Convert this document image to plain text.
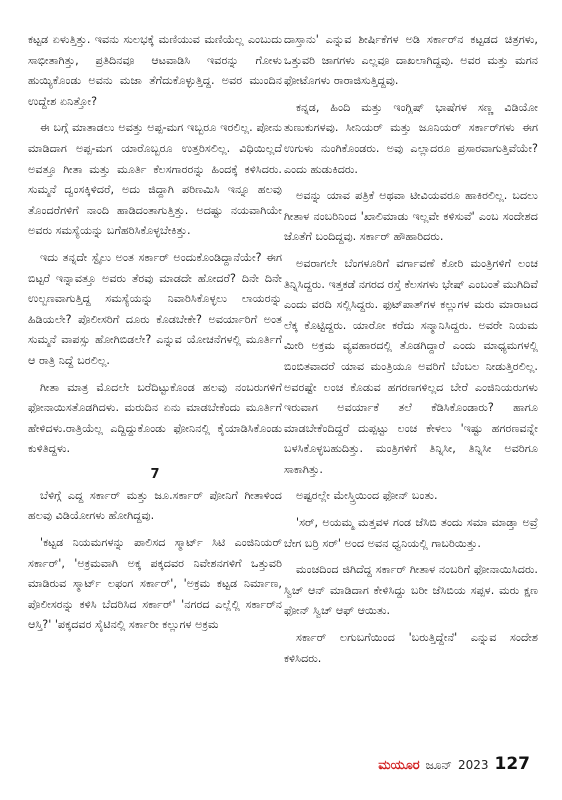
ಕಟ್ಟಡ ಏಳುತ್ತಿತ್ತು. ಇವನು ಸುಲಭಕ್ಕೆ ಮಣಿಯುವ ಮಣಿಯೆಲ್ಲ ಎಂಬುದು ಸಾಭೀತಾಗಿತ್ತು, ಪ್ರತಿದಿನವೂ ಆಟವಾಡಿಸಿ ಇವರನ್ನು ಗೋಳು ಹುಯ್ಯಿಕೊಂಡು ಅವನು ಮಜಾ ತೆಗೆದುಕೊಳ್ಳುತ್ತಿದ್ದ. ಅವರ ಮುಂದಿನ ಉದ್ದೇಶ ಏನಿತ್ತೋ?

ಈ ಬಗ್ಗೆ ಮಾತಾಡಲು ಅವತ್ತು ಅಪ್ಪ-ಮಗ ಇಬ್ಬರೂ ಇರಲಿಲ್ಲ. ಪೋನು ಮಾಡಿದಾಗ ಅಪ್ಪ-ಮಗ ಯಾರೊಬ್ಬರೂ ಉತ್ತರಿಸಲಿಲ್ಲ. ವಿಧಿಯಿಲ್ಲದೆ ಅವತ್ತೂ ಗೀತಾ ಮತ್ತು ಮೂರ್ತಿ ಕೆಲಸಗಾರರನ್ನು ಹಿಂದಕ್ಕೆ ಕಳಿಸಿದರು. ಸುಮ್ಮನೆ ದ್ವಂಸಕ್ಕಿಳಿದರೆ, ಅದು ಜಿದ್ದಾಗಿ ಪರಿಣಮಿಸಿ ಇನ್ನೂ ಹಲವು ತೊಂದರೆಗಳಿಗೆ ನಾಂದಿ ಹಾಡಿದಂತಾಗುತ್ತಿತ್ತು. ಅದಷ್ಟು ನಯವಾಗಿಯೇ ಅವರು ಸಮಸ್ಯೆಯನ್ನು ಬಗೆಹರಿಸಿಕೊಳ್ಳಬೇಕಿತ್ತು.

ಇದು ತನ್ನದೇ ಸ್ಟೈಲು ಅಂತ ಸರ್ಕಾರ್ ಅಂದುಕೊಂಡಿದ್ದಾನೆಯೇ? ಈಗ ಬಿಟ್ಟರೆ ಇನ್ನಾವತ್ತೂ ಅವರು ತೆರವು ಮಾಡದೇ ಹೋದರೆ? ದಿನೇ ದಿನೇ ಉಲ್ಬಣವಾಗುತ್ತಿದ್ದ ಸಮಸ್ಯೆಯನ್ನು ನಿವಾರಿಸಿಕೊಳ್ಳಲು ಲಾಯರನ್ನು ಹಿಡಿಯಲೇ? ಪೊಲೀಸರಿಗೆ ದೂರು ಕೊಡಬೇಕೇ? ಅವರ್ಯಾರಿಗೆ ಅಂತ ಸುಮ್ಮನೆ ವಾಪಸ್ಸು ಹೋಗಿಬಿಡಲೇ? ಎನ್ನುವ ಯೋಚನೆಗಳಲ್ಲಿ ಮೂರ್ತಿಗೆ ಆ ರಾತ್ರಿ ನಿದ್ದೆ ಬರಲಿಲ್ಲ.

ಗೀತಾ ಮಾತ್ರ ಮೊದಲೇ ಬರೆದಿಟ್ಟುಕೊಂಡ ಹಲವು ನಂಬರುಗಳಿಗೆ ಫೋನಾಯಿಸತೊಡಗಿದಳು. ಮರುದಿನ ಏನು ಮಾಡಬೇಕೆಂದು ಮೂರ್ತಿಗೆ ಹೇಳಿದಳು.ರಾತ್ರಿಯೆಲ್ಲ ಎದ್ದಿದ್ದುಕೊಂಡು ಫೋನಿನಲ್ಲಿ ಕೈಯಾಡಿಸಿಕೊಂಡು ಕುಳಿತಿದ್ದಳು.

7

ಬೆಳಿಗ್ಗೆ ಎದ್ದ ಸರ್ಕಾರ್ ಮತ್ತು ಜೂ.ಸರ್ಕಾರ್ ಪೋನಿಗೆ ಗೀತಾಳಿಂದ ಹಲವು ವಿಡಿಯೋಗಳು ಹೋಗಿದ್ದವು.

'ಕಟ್ಟಡ ನಿಯಮಗಳನ್ನು ಪಾಲಿಸದ ಸ್ಮಾರ್ಟ್ ಸಿಟಿ ಎಂಜಿನಿಯರ್ ಸರ್ಕಾರ್', 'ಅಕ್ರಮವಾಗಿ ಅಕ್ಕ ಪಕ್ಕದವರ ನಿವೇಶನಗಳಿಗೆ ಒತ್ತುವರಿ ಮಾಡಿರುವ ಸ್ಮಾರ್ಟ್ ಲಫಂಗ ಸರ್ಕಾರ್', 'ಅಕ್ರಮ ಕಟ್ಟಡ ನಿರ್ಮಾಣ, ಪೊಲೀಸರನ್ನು ಕಳಿಸಿ ಬೆದರಿಸಿದ ಸರ್ಕಾರ್' 'ನಗರದ ಎಲ್ಲೆಲ್ಲಿ ಸರ್ಕಾರ್‌ನ ಆಸ್ತಿ?' 'ಪಕ್ಕದವರ ಸೈಟಿನಲ್ಲಿ ಸರ್ಕಾರೀ ಕಲ್ಲುಗಳ ಅಕ್ರಮ

ದಾಸ್ತಾನು' ಎನ್ನುವ ಶೀರ್ಷಿಕೆಗಳ ಅಡಿ ಸರ್ಕಾರ್‌ನ ಕಟ್ಟಡದ ಚಿತ್ರಗಳು, ಒತ್ತುವರಿ ಜಾಗಗಳು ಎಲ್ಲವೂ ದಾಖಲಾಗಿದ್ದವು. ಅವರ ಮತ್ತು ಮಗನ ಫೋಟೊಗಳು ರಾರಾಜಿಸುತ್ತಿದ್ದವು.

ಕನ್ನಡ, ಹಿಂದಿ ಮತ್ತು ಇಂಗ್ಲಿಷ್ ಭಾಷೆಗಳ ಸಣ್ಣ ವಿಡಿಯೋ ತುಣುಕುಗಳವು. ಸೀನಿಯರ್ ಮತ್ತು ಜೂನಿಯರ್ ಸರ್ಕಾರ್‌ಗಳು ಈಗ ಉಗುಳು ನುಂಗಿಕೊಂಡರು. ಅವು ಎಲ್ಲಾದರೂ ಪ್ರಸಾರವಾಗುತ್ತಿವೆಯೇ? ಎಂದು ಹುಡುಕಿದರು.

ಅವನ್ನು ಯಾವ ಪತ್ರಿಕೆ ಅಥವಾ ಟೀವಿಯವರೂ ಹಾಕಿರಲಿಲ್ಲ. ಬದಲು ಗೀತಾಳ ನಂಬರಿನಿಂದ 'ಖಾಲಿಮಾಡು ಇಲ್ಲವೇ ಕಳಿಸುವೆ' ಎಂಬ ಸಂದೇಶದ ಜೊತೆಗೆ ಬಂದಿದ್ದವು. ಸರ್ಕಾರ್ ಹೌಹಾರಿದರು.

ಅವರಾಗಲೇ ಬೆಂಗಳೂರಿಗೆ ವರ್ಗಾವಣೆ ಕೋರಿ ಮಂತ್ರಿಗಳಿಗೆ ಲಂಚ ತಿನ್ನಿಸಿದ್ದರು. ಇತ್ತಕಡೆ ನಗರದ ರಸ್ತೆ ಕೆಲಸಗಳು ಭೇಷ್ ಎಂಬಂತೆ ಮುಗಿದಿವೆ ಎಂದು ವರದಿ ಸಲ್ಲಿಸಿದ್ದರು. ಫುಟ್‌ಪಾತ್‌ಗಳ ಕಲ್ಲುಗಳ ಮರು ಮಾರಾಟದ ಲೆಕ್ಕ ಕೊಟ್ಟಿದ್ದರು. ಯಾರೋ ಕರೆದು ಸನ್ಮಾನಿಸಿದ್ದರು. ಅವರೇ ನಿಯಮ ಮೀರಿ ಅಕ್ರಮ ವ್ಯವಹಾರದಲ್ಲಿ ತೊಡಗಿದ್ದಾರೆ ಎಂದು ಮಾಧ್ಯಮಗಳಲ್ಲಿ ಬಿಂಬಿತವಾದರೆ ಯಾವ ಮಂತ್ರಿಯೂ ಅವರಿಗೆ ಬೆಂಬಲ ನೀಡುತ್ತಿರಲಿಲ್ಲ. ಅವರಷ್ಟೇ ಲಂಚ ಕೊಡುವ ಹಗರಣಗಳಿಲ್ಲದ ಬೇರೆ ಎಂಜಿನಿಯರುಗಳು ಇರುವಾಗ ಅವರ್ಯಾಕೆ ತಲೆ ಕೆಡಿಸಿಕೊಂಡಾರು? ಹಾಗೂ ಮಾಡಬೇಕೆಂದಿದ್ದರೆ ದುಪ್ಪಟ್ಟು ಲಂಚ ಕೇಳಲು 'ಇಷ್ಟು ಹಗರಣವನ್ನೇ ಬಳಸಿಕೊಳ್ಳಬಹುದಿತ್ತು. ಮಂತ್ರಿಗಳಿಗೆ ತಿನ್ನಿಸೀ, ತಿನ್ನಿಸೀ ಅವರಿಗೂ ಸಾಕಾಗಿತ್ತು.

ಅಷ್ಟರಲ್ಲೇ ಮೇಸ್ತ್ರಿಯಿಂದ ಫೋನ್ ಬಂತು.

'ಸರ್, ಅಯಮ್ಮ ಮತ್ತವಳ ಗಂಡ ಜೆಸಿಬಿ ತಂದು ಸಮಾ ಮಾಡ್ತಾ ಅವ್ರೆ ಬೇಗ ಬರ್ರಿ ಸರ್' ಅಂದ ಅವನ ಧ್ವನಿಯಲ್ಲಿ ಗಾಬರಿಯಿತ್ತು.

ಮಂಚದಿಂದ ಜಿಗಿದೆದ್ದ ಸರ್ಕಾರ್ ಗೀತಾಳ ನಂಬರಿಗೆ ಫೋನಾಯಿಸಿದರು. ಸ್ವಿಚ್ ಆನ್ ಮಾಡಿದಾಗ ಕೇಳಿಸಿದ್ದು ಬರೀ ಜೆಸಿಬಿಯ ಸಪ್ಪಳ. ಮರು ಕ್ಷಣ ಫೋನ್ ಸ್ವಿಚ್ ಆಫ್ ಆಯಿತು.

ಸರ್ಕಾರ್ ಲಗುಬಗೆಯಿಂದ 'ಬರುತ್ತಿದ್ದೇನೆ' ಎನ್ನುವ ಸಂದೇಶ ಕಳಿಸಿದರು.

ಮಯೂರ ಜೂನ್ 2023 127
